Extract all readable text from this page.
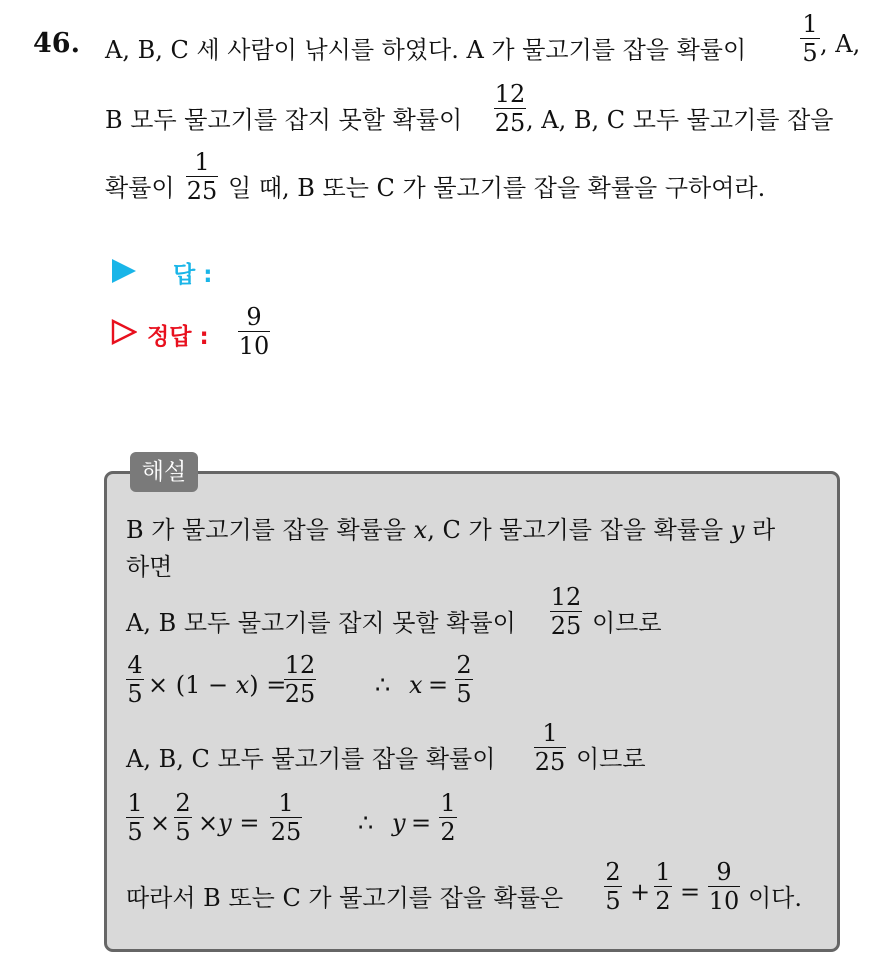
46. A, B, C 세 사람이 낚시를 하였다. A 가 물고기를 잡을 확률이
1
5 , A,
B 모두 물고기를 잡지 못할 확률이
12
25 , A, B, C 모두 물고기를 잡을
확률이
1
25 일 때, B 또는 C 가 물고기를 잡을 확률을 구하여라.
답 :
정답 :
9
10
해설
B 가 물고기를 잡을 확률을 x, C 가 물고기를 잡을 확률을 y 라
하면
A, B 모두 물고기를 잡지 못할 확률이
12
25 이므로
4
5 × (1 − x) =
12
25 ∴ x =
2
5
A, B, C 모두 물고기를 잡을 확률이
1
25 이므로
1
5 ×
2
5 ×y =
1
25 ∴ y =
1
2
따라서 B 또는 C 가 물고기를 잡을 확률은
2
5 +
1
2 =
9
10 이다.
